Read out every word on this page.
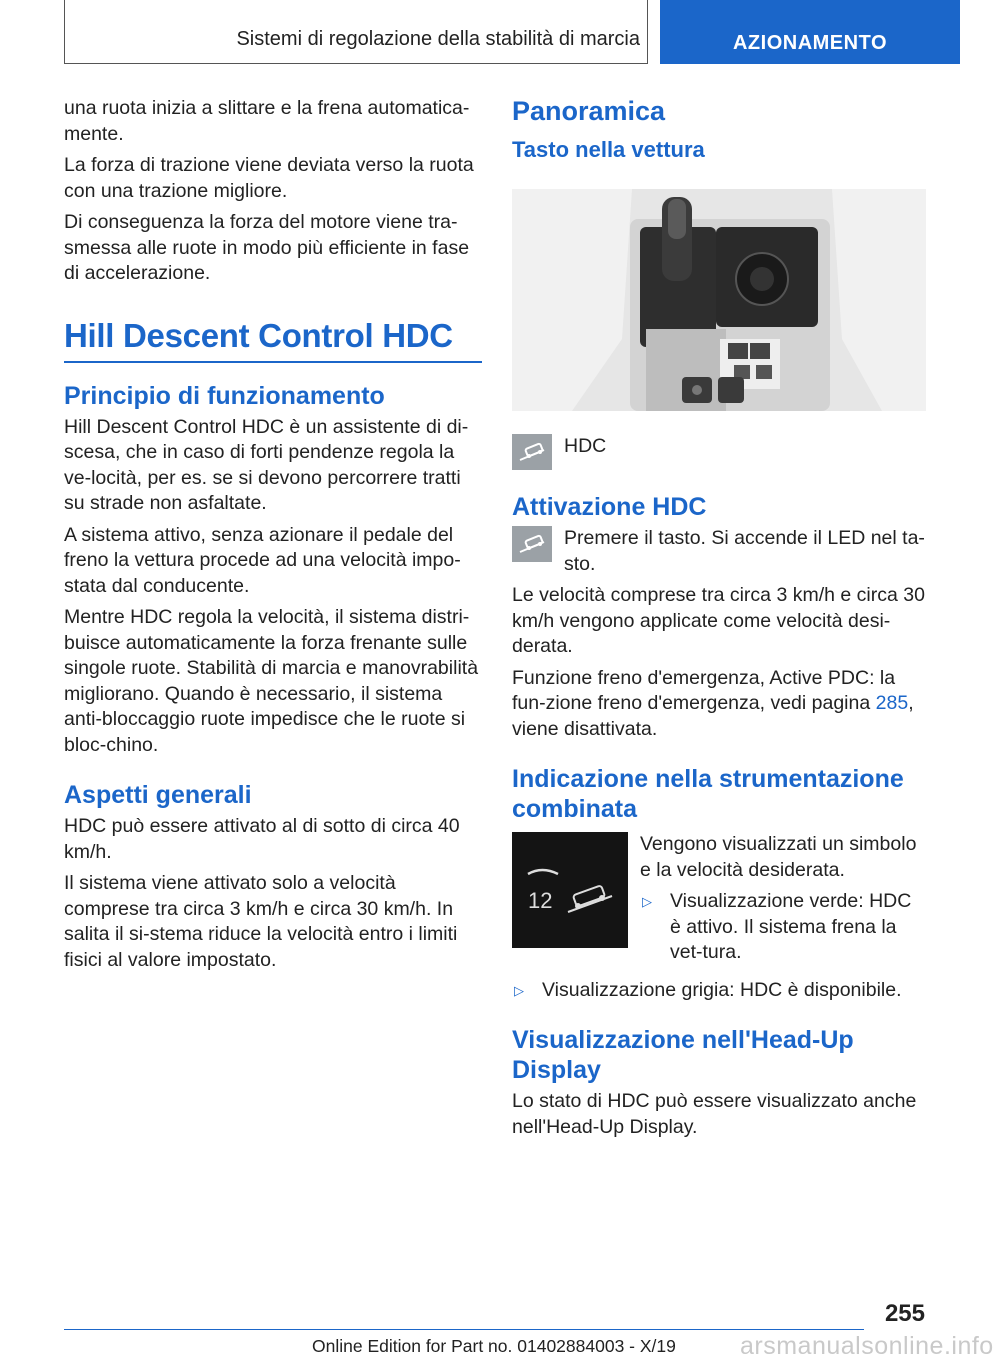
Sistemi di regolazione della stabilità di marcia	AZIONAMENTO

una ruota inizia a slittare e la frena automatica-mente.

La forza di trazione viene deviata verso la ruota con una trazione migliore.

Di conseguenza la forza del motore viene tra-smessa alle ruote in modo più efficiente in fase di accelerazione.

Hill Descent Control HDC
Principio di funzionamento

Hill Descent Control HDC è un assistente di di-scesa, che in caso di forti pendenze regola la ve-locità, per es. se si devono percorrere tratti su strade non asfaltate.

A sistema attivo, senza azionare il pedale del freno la vettura procede ad una velocità impo-stata dal conducente.

Mentre HDC regola la velocità, il sistema distri-buisce automaticamente la forza frenante sulle singole ruote. Stabilità di marcia e manovrabilità migliorano. Quando è necessario, il sistema anti-bloccaggio ruote impedisce che le ruote si bloc-chino.

Aspetti generali

HDC può essere attivato al di sotto di circa 40 km/h.

Il sistema viene attivato solo a velocità comprese tra circa 3 km/h e circa 30 km/h. In salita il si-stema riduce la velocità entro i limiti fisici al valore impostato.

Panoramica
Tasto nella vettura

HDC

Attivazione HDC

Premere il tasto. Si accende il LED nel ta-sto.

Le velocità comprese tra circa 3 km/h e circa 30 km/h vengono applicate come velocità desi-derata.

Funzione freno d'emergenza, Active PDC: la fun-zione freno d'emergenza, vedi pagina 285, viene disattivata.

Indicazione nella strumentazione combinata
12

Vengono visualizzati un simbolo e la velocità desiderata.

▷ Visualizzazione verde: HDC è attivo. Il sistema frena la vet-tura.

▷ Visualizzazione grigia: HDC è disponibile.

Visualizzazione nell'Head-Up Display

Lo stato di HDC può essere visualizzato anche nell'Head-Up Display.

255
Online Edition for Part no. 01402884003 - X/19	arsmanualsonline.info
